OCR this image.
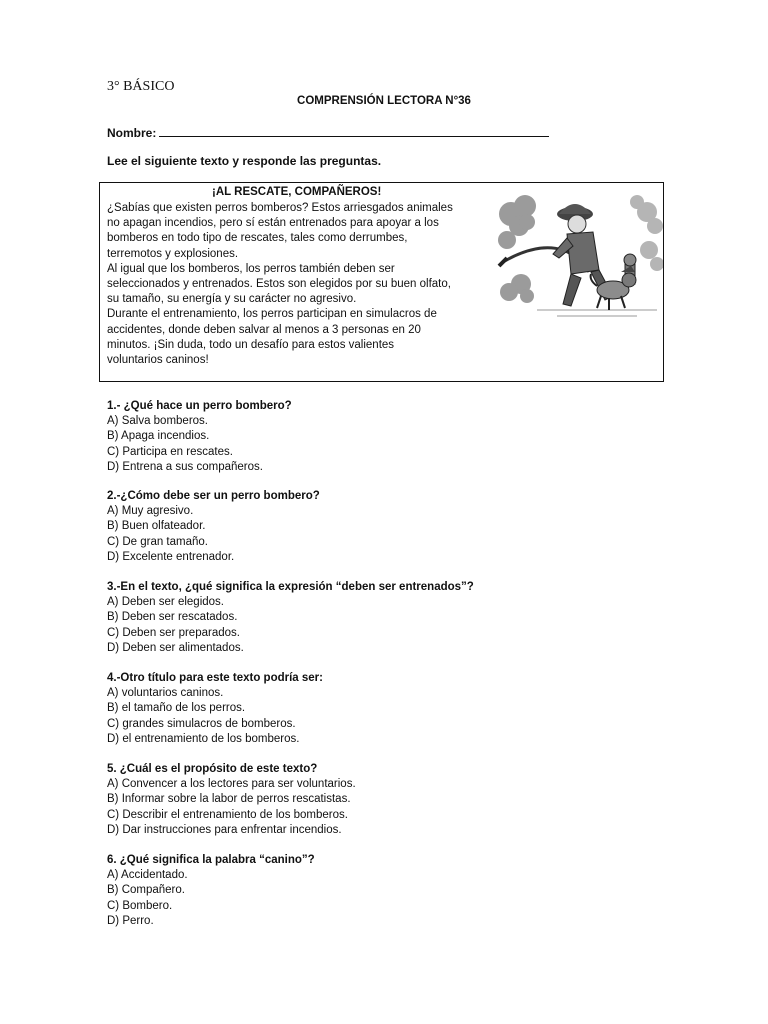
3° BÁSICO
COMPRENSIÓN LECTORA N°36
Nombre:
Lee el siguiente texto y responde las preguntas.
¡AL RESCATE, COMPAÑEROS!

¿Sabías que existen perros bomberos? Estos arriesgados animales

no apagan incendios, pero sí están entrenados para apoyar a los

bomberos en todo tipo de rescates, tales como derrumbes,

terremotos y explosiones.

Al igual que los bomberos, los perros también deben ser

seleccionados y entrenados. Estos son elegidos por su buen olfato,

su tamaño, su energía y su carácter no agresivo.

Durante el entrenamiento, los perros participan en simulacros de

accidentes, donde deben salvar al menos a 3 personas en 20

minutos. ¡Sin duda, todo un desafío para estos valientes

voluntarios caninos!

1.- ¿Qué hace un perro bombero?
A) Salva bomberos.
B) Apaga incendios.
C) Participa en rescates.
D) Entrena a sus compañeros.
2.-¿Cómo debe ser un perro bombero?
A) Muy agresivo.
B) Buen olfateador.
C) De gran tamaño.
D) Excelente entrenador.
3.-En el texto, ¿qué significa la expresión “deben ser entrenados”?
A) Deben ser elegidos.
B) Deben ser rescatados.
C) Deben ser preparados.
D) Deben ser alimentados.
4.-Otro título para este texto podría ser:
A) voluntarios caninos.
B) el tamaño de los perros.
C) grandes simulacros de bomberos.
D) el entrenamiento de los bomberos.
5. ¿Cuál es el propósito de este texto?
A) Convencer a los lectores para ser voluntarios.
B) Informar sobre la labor de perros rescatistas.
C) Describir el entrenamiento de los bomberos.
D) Dar instrucciones para enfrentar incendios.
6. ¿Qué significa la palabra “canino”?
A) Accidentado.
B) Compañero.
C) Bombero.
D) Perro.
